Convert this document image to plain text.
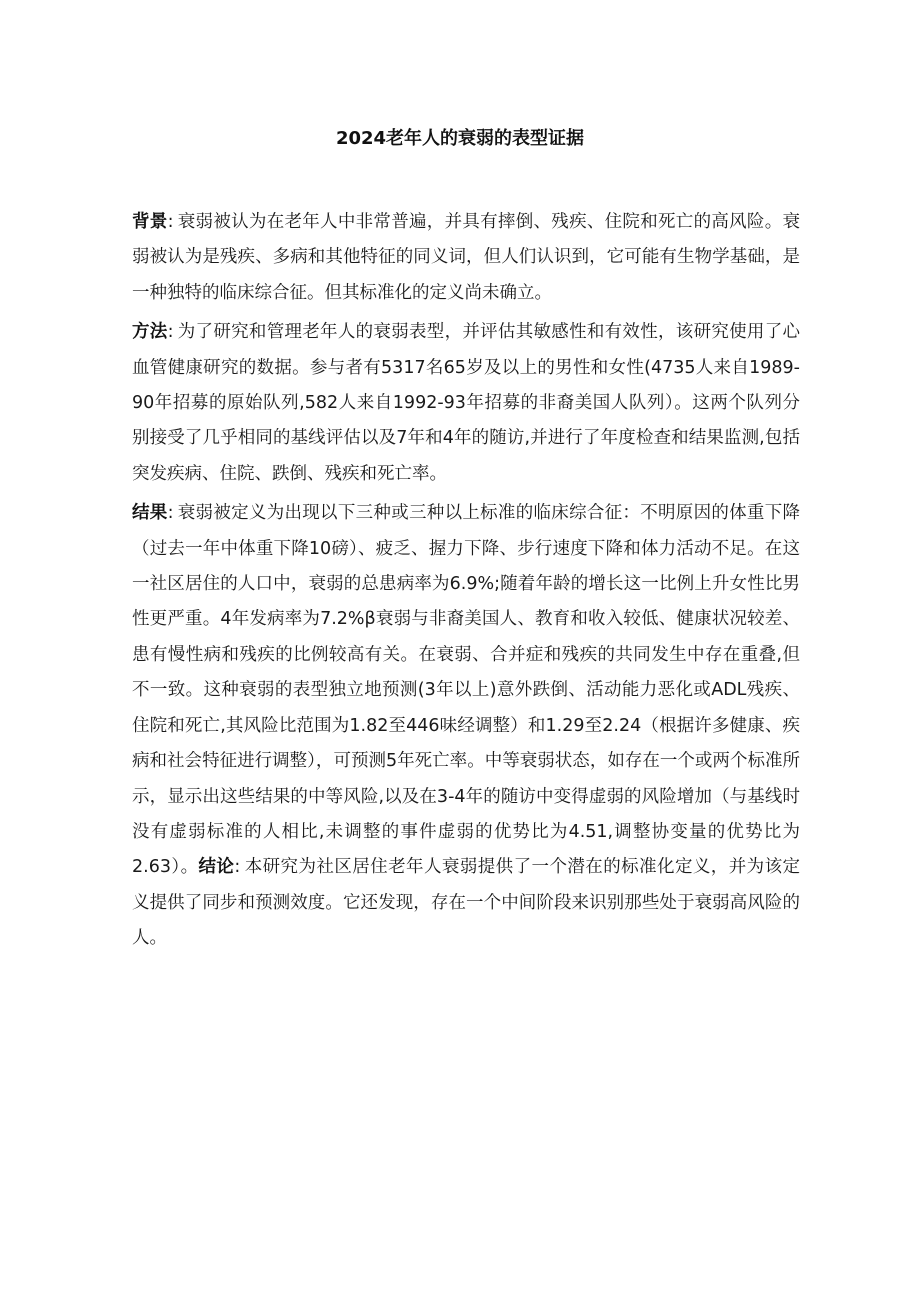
2024老年人的衰弱的表型证据

背景: 衰弱被认为在老年人中非常普遍，并具有摔倒、残疾、住院和死亡的高风险。衰弱被认为是残疾、多病和其他特征的同义词，但人们认识到，它可能有生物学基础，是一种独特的临床综合征。但其标准化的定义尚未确立。

方法: 为了研究和管理老年人的衰弱表型，并评估其敏感性和有效性，该研究使用了心血管健康研究的数据。参与者有5317名65岁及以上的男性和女性(4735人来自1989-90年招募的原始队列,582人来自1992-93年招募的非裔美国人队列）。这两个队列分别接受了几乎相同的基线评估以及7年和4年的随访,并进行了年度检查和结果监测,包括突发疾病、住院、跌倒、残疾和死亡率。

结果: 衰弱被定义为出现以下三种或三种以上标准的临床综合征：不明原因的体重下降（过去一年中体重下降10磅）、疲乏、握力下降、步行速度下降和体力活动不足。在这一社区居住的人口中，衰弱的总患病率为6.9%;随着年龄的增长这一比例上升女性比男性更严重。4年发病率为7.2%β衰弱与非裔美国人、教育和收入较低、健康状况较差、患有慢性病和残疾的比例较高有关。在衰弱、合并症和残疾的共同发生中存在重叠,但不一致。这种衰弱的表型独立地预测(3年以上)意外跌倒、活动能力恶化或ADL残疾、住院和死亡,其风险比范围为1.82至446味经调整）和1.29至2.24（根据许多健康、疾病和社会特征进行调整），可预测5年死亡率。中等衰弱状态，如存在一个或两个标准所示，显示出这些结果的中等风险,以及在3-4年的随访中变得虚弱的风险增加（与基线时没有虚弱标准的人相比,未调整的事件虚弱的优势比为4.51,调整协变量的优势比为2.63）。结论: 本研究为社区居住老年人衰弱提供了一个潜在的标准化定义，并为该定义提供了同步和预测效度。它还发现，存在一个中间阶段来识别那些处于衰弱高风险的人。
